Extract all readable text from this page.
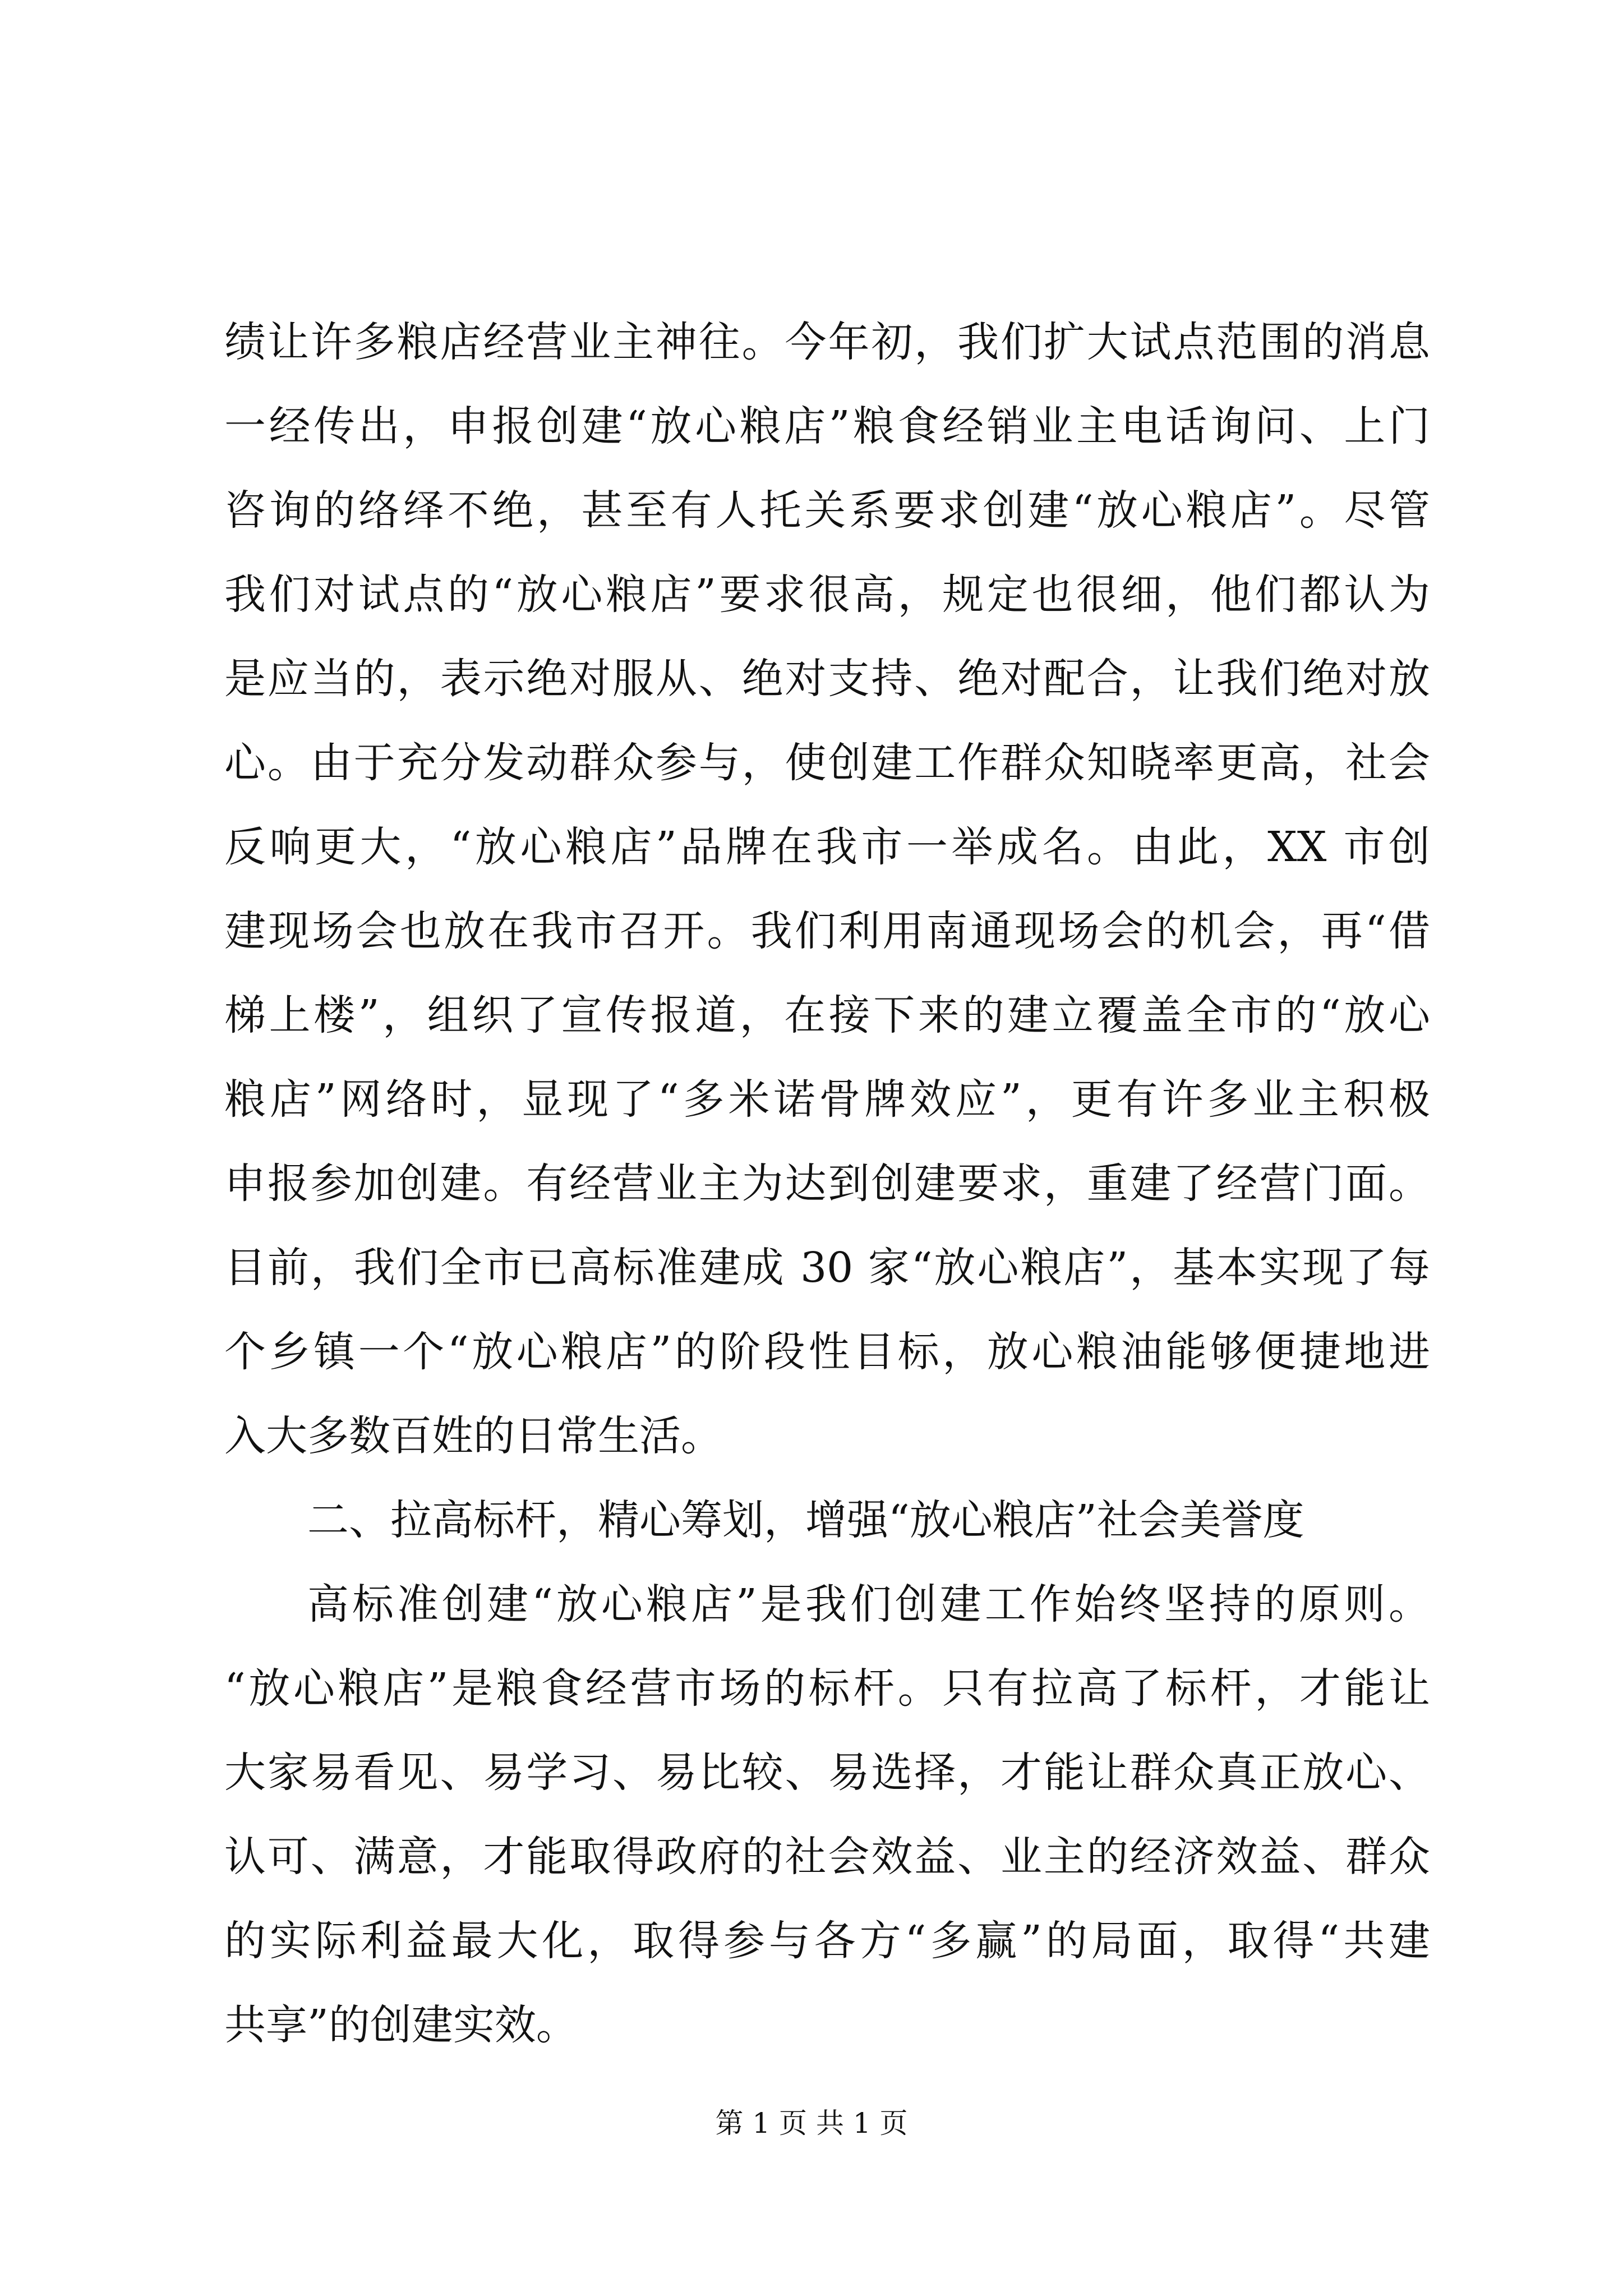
绩让许多粮店经营业主神往。今年初，我们扩大试点范围的消息
一经传出，申报创建“放心粮店”粮食经销业主电话询问、上门
咨询的络绎不绝，甚至有人托关系要求创建“放心粮店”。尽管
我们对试点的“放心粮店”要求很高，规定也很细，他们都认为
是应当的，表示绝对服从、绝对支持、绝对配合，让我们绝对放
心。由于充分发动群众参与，使创建工作群众知晓率更高，社会
反响更大，“放心粮店”品牌在我市一举成名。由此，XX 市创
建现场会也放在我市召开。我们利用南通现场会的机会，再“借
梯上楼”，组织了宣传报道，在接下来的建立覆盖全市的“放心
粮店”网络时，显现了“多米诺骨牌效应”，更有许多业主积极
申报参加创建。有经营业主为达到创建要求，重建了经营门面。
目前，我们全市已高标准建成 30 家“放心粮店”，基本实现了每
个乡镇一个“放心粮店”的阶段性目标，放心粮油能够便捷地进
入大多数百姓的日常生活。
二、拉高标杆，精心筹划，增强“放心粮店”社会美誉度
高标准创建“放心粮店”是我们创建工作始终坚持的原则。
“放心粮店”是粮食经营市场的标杆。只有拉高了标杆，才能让
大家易看见、易学习、易比较、易选择，才能让群众真正放心、
认可、满意，才能取得政府的社会效益、业主的经济效益、群众
的实际利益最大化，取得参与各方“多赢”的局面，取得“共建
共享”的创建实效。
第 1 页 共 1 页
